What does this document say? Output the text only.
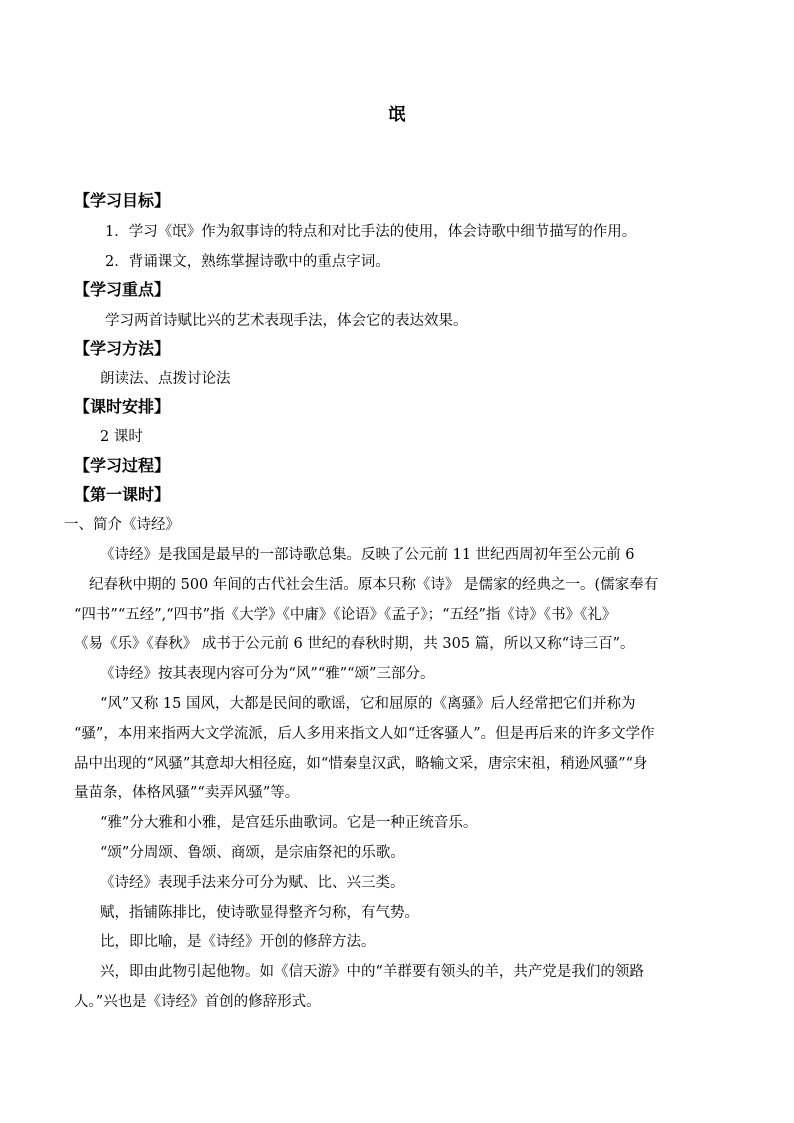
氓
【学习目标】
1．学习《氓》作为叙事诗的特点和对比手法的使用，体会诗歌中细节描写的作用。
2．背诵课文，熟练掌握诗歌中的重点字词。
【学习重点】
学习两首诗赋比兴的艺术表现手法，体会它的表达效果。
【学习方法】
朗读法、点拨讨论法
【课时安排】
2 课时
【学习过程】
【第一课时】
一、简介《诗经》
《诗经》是我国是最早的一部诗歌总集。反映了公元前 11 世纪西周初年至公元前 6
纪春秋中期的 500 年间的古代社会生活。原本只称《诗》 是儒家的经典之一。(儒家奉有
“四书”“五经”,“四书”指《大学》《中庸》《论语》《孟子》；“五经”指《诗》《书》《礼》
《易《乐》《春秋》 成书于公元前 6 世纪的春秋时期，共 305 篇，所以又称“诗三百”。
《诗经》按其表现内容可分为“风”“雅”“颂”三部分。
“风”又称 15 国风，大都是民间的歌谣，它和屈原的《离骚》后人经常把它们并称为
“骚”，本用来指两大文学流派，后人多用来指文人如“迁客骚人”。但是再后来的许多文学作
品中出现的“风骚”其意却大相径庭，如“惜秦皇汉武，略输文采，唐宗宋祖，稍逊风骚”“身
量苗条，体格风骚”“卖弄风骚”等。
“雅”分大雅和小雅，是宫廷乐曲歌词。它是一种正统音乐。
“颂”分周颂、鲁颂、商颂，是宗庙祭祀的乐歌。
《诗经》表现手法来分可分为赋、比、兴三类。
赋，指铺陈排比，使诗歌显得整齐匀称，有气势。
比，即比喻，是《诗经》开创的修辞方法。
兴，即由此物引起他物。如《信天游》中的“羊群要有领头的羊，共产党是我们的领路
人。”兴也是《诗经》首创的修辞形式。
